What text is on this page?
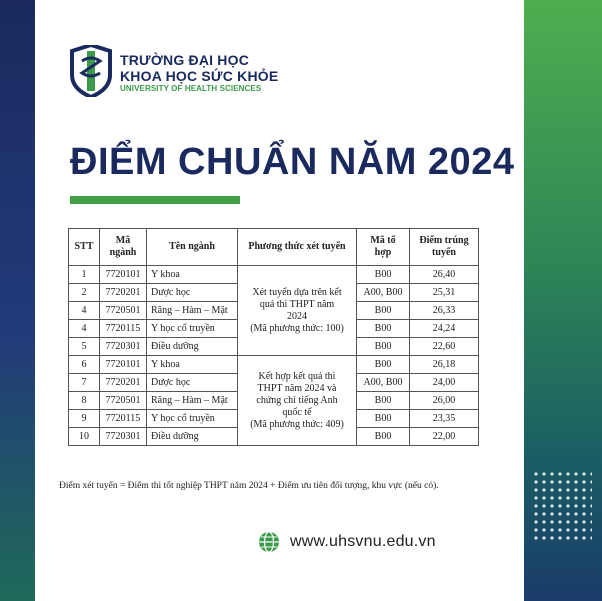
TRƯỜNG ĐẠI HỌC
KHOA HỌC SỨC KHỎE
UNIVERSITY OF HEALTH SCIENCES
ĐIỂM CHUẨN NĂM 2024
STT	Mã ngành	Tên ngành	Phương thức xét tuyển	Mã tổ hợp	Điểm trúng tuyển
1	7720101	Y khoa	Xét tuyển dựa trên kết
quả thi THPT năm
2024
(Mã phương thức: 100)	B00	26,40
2	7720201	Dược học		A00, B00	25,31
4	7720501	Răng – Hàm – Mặt		B00	26,33
4	7720115	Y học cổ truyền		B00	24,24
5	7720301	Điều dưỡng		B00	22,60
6	7720101	Y khoa	Kết hợp kết quả thi
THPT năm 2024 và
chứng chỉ tiếng Anh
quốc tế
(Mã phương thức: 409)	B00	26,18
7	7720201	Dược học		A00, B00	24,00
8	7720501	Răng – Hàm – Mặt		B00	26,00
9	7720115	Y học cổ truyền		B00	23,35
10	7720301	Điều dưỡng		B00	22,00
Điểm xét tuyển = Điểm thi tốt nghiệp THPT năm 2024 + Điểm ưu tiên đối tượng, khu vực (nếu có).
www.uhsvnu.edu.vn
